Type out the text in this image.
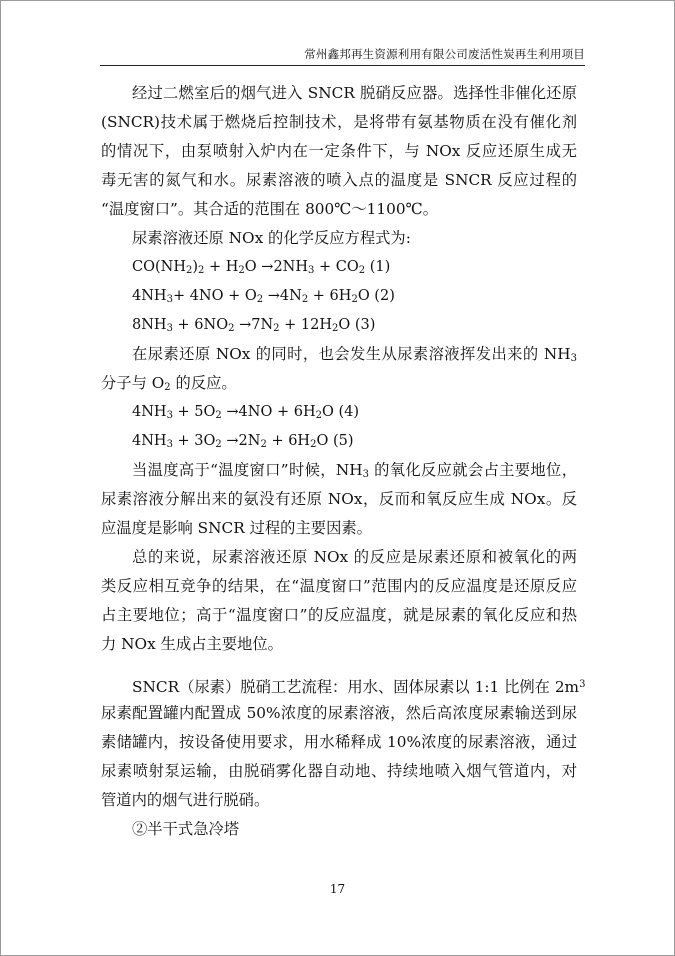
常州鑫邦再生资源利用有限公司废活性炭再生利用项目
经过二燃室后的烟气进入 SNCR 脱硝反应器。选择性非催化还原
(SNCR)技术属于燃烧后控制技术，是将带有氨基物质在没有催化剂
的情况下，由泵喷射入炉内在一定条件下，与 NOx 反应还原生成无
毒无害的氮气和水。尿素溶液的喷入点的温度是 SNCR 反应过程的
“温度窗口”。其合适的范围在 800℃～1100℃。
尿素溶液还原 NOx 的化学反应方程式为:
$CO(NH_2)_2 + H_2O \to 2NH_3 + CO_2$ (1)
$4NH_3+ 4NO + O_2 \to 4N_2 + 6H_2O$ (2)
$8NH_3 + 6NO_2 \to 7N_2 + 12H_2O$ (3)
在尿素还原 NOx 的同时，也会发生从尿素溶液挥发出来的 $NH_3$
分子与 $O_2$ 的反应。
$4NH_3 + 5O_2 \to 4NO + 6H_2O$ (4)
$4NH_3 + 3O_2 \to 2N_2 + 6H_2O$ (5)
当温度高于“温度窗口”时候，$NH_3$ 的氧化反应就会占主要地位，
尿素溶液分解出来的氨没有还原 NOx，反而和氧反应生成 NOx。反
应温度是影响 SNCR 过程的主要因素。
总的来说，尿素溶液还原 NOx 的反应是尿素还原和被氧化的两
类反应相互竞争的结果，在“温度窗口”范围内的反应温度是还原反应
占主要地位；高于“温度窗口”的反应温度，就是尿素的氧化反应和热
力 NOx 生成占主要地位。
SNCR（尿素）脱硝工艺流程：用水、固体尿素以 1:1 比例在 $2m^3$
尿素配置罐内配置成 50%浓度的尿素溶液，然后高浓度尿素输送到尿
素储罐内，按设备使用要求，用水稀释成 10%浓度的尿素溶液，通过
尿素喷射泵运输，由脱硝雾化器自动地、持续地喷入烟气管道内，对
管道内的烟气进行脱硝。
②半干式急冷塔
17
